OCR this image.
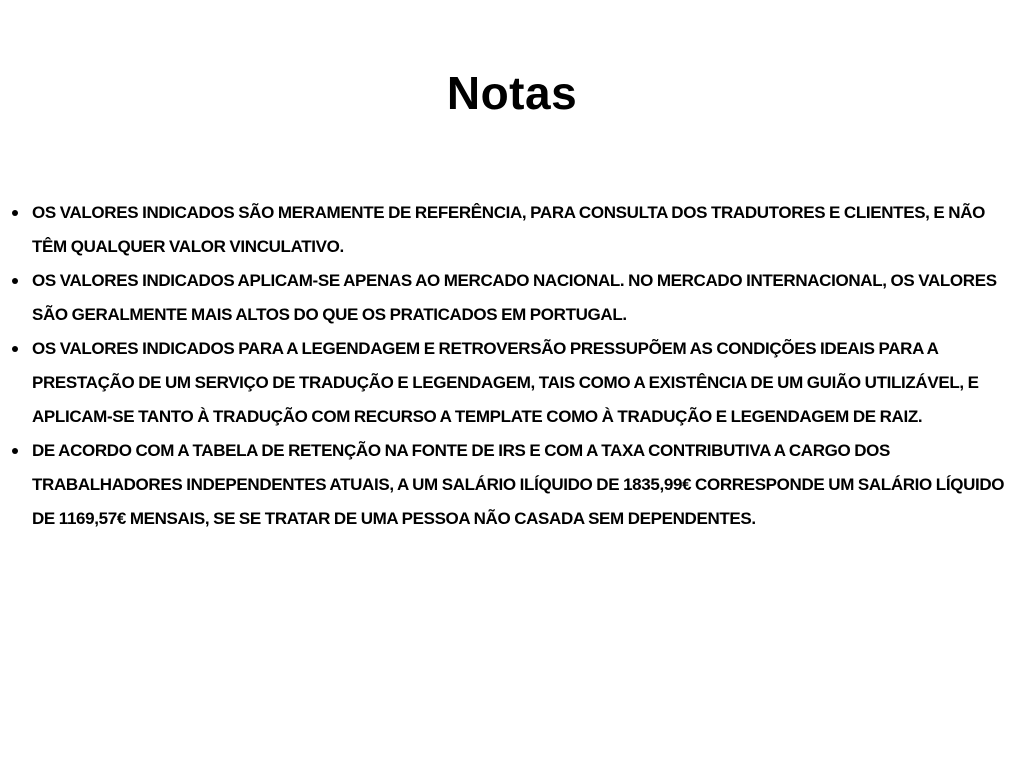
Notas
OS VALORES INDICADOS SÃO MERAMENTE DE REFERÊNCIA, PARA CONSULTA DOS TRADUTORES E CLIENTES, E NÃO TÊM QUALQUER VALOR VINCULATIVO.
OS VALORES INDICADOS APLICAM-SE APENAS AO MERCADO NACIONAL. NO MERCADO INTERNACIONAL, OS VALORES SÃO GERALMENTE MAIS ALTOS DO QUE OS PRATICADOS EM PORTUGAL.
OS VALORES INDICADOS PARA A LEGENDAGEM E RETROVERSÃO PRESSUPÕEM AS CONDIÇÕES IDEAIS PARA A PRESTAÇÃO DE UM SERVIÇO DE TRADUÇÃO E LEGENDAGEM, TAIS COMO A EXISTÊNCIA DE UM GUIÃO UTILIZÁVEL, E APLICAM-SE TANTO À TRADUÇÃO COM RECURSO A TEMPLATE COMO À TRADUÇÃO E LEGENDAGEM DE RAIZ.
DE ACORDO COM A TABELA DE RETENÇÃO NA FONTE DE IRS E COM A TAXA CONTRIBUTIVA A CARGO DOS TRABALHADORES INDEPENDENTES ATUAIS, A UM SALÁRIO ILÍQUIDO DE 1835,99€ CORRESPONDE UM SALÁRIO LÍQUIDO DE 1169,57€ MENSAIS, SE SE TRATAR DE UMA PESSOA NÃO CASADA SEM DEPENDENTES.
